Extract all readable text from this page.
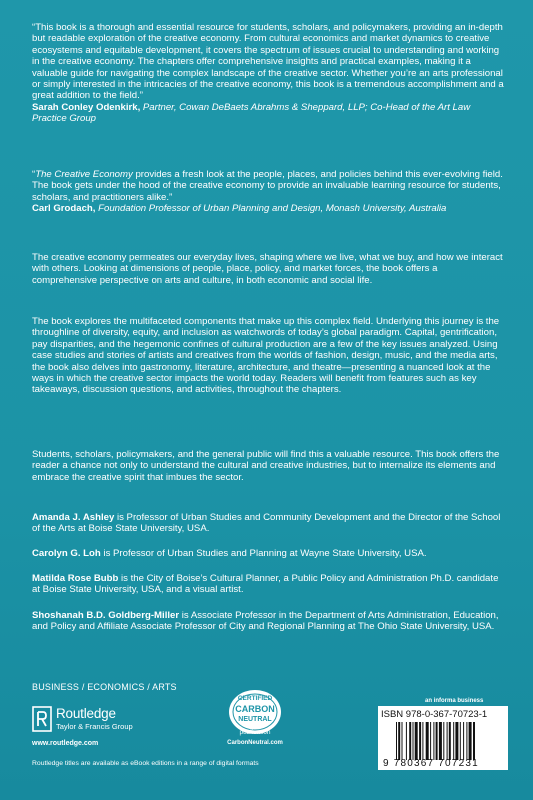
“This book is a thorough and essential resource for students, scholars, and policymakers, providing an in-depth but readable exploration of the creative economy. From cultural economics and market dynamics to creative ecosystems and equitable development, it covers the spectrum of issues crucial to understanding and working in the creative economy. The chapters offer comprehensive insights and practical examples, making it a valuable guide for navigating the complex landscape of the creative sector. Whether you’re an arts professional or simply interested in the intricacies of the creative economy, this book is a tremendous accomplishment and a great addition to the field.”

Sarah Conley Odenkirk, Partner, Cowan DeBaets Abrahms & Sheppard, LLP; Co-Head of the Art Law Practice Group

“The Creative Economy provides a fresh look at the people, places, and policies behind this ever-evolving field. The book gets under the hood of the creative economy to provide an invaluable learning resource for students, scholars, and practitioners alike.”

Carl Grodach, Foundation Professor of Urban Planning and Design, Monash University, Australia

The creative economy permeates our everyday lives, shaping where we live, what we buy, and how we interact with others. Looking at dimensions of people, place, policy, and market forces, the book offers a comprehensive perspective on arts and culture, in both economic and social life.

The book explores the multifaceted components that make up this complex field. Underlying this journey is the throughline of diversity, equity, and inclusion as watchwords of today’s global paradigm. Capital, gentrification, pay disparities, and the hegemonic confines of cultural production are a few of the key issues analyzed. Using case studies and stories of artists and creatives from the worlds of fashion, design, music, and the media arts, the book also delves into gastronomy, literature, architecture, and theatre—presenting a nuanced look at the ways in which the creative sector impacts the world today. Readers will benefit from features such as key takeaways, discussion questions, and activities, throughout the chapters.

Students, scholars, policymakers, and the general public will find this a valuable resource. This book offers the reader a chance not only to understand the cultural and creative industries, but to internalize its elements and embrace the creative spirit that imbues the sector.

Amanda J. Ashley is Professor of Urban Studies and Community Development and the Director of the School of the Arts at Boise State University, USA.

Carolyn G. Loh is Professor of Urban Studies and Planning at Wayne State University, USA.

Matilda Rose Bubb is the City of Boise’s Cultural Planner, a Public Policy and Administration Ph.D. candidate at Boise State University, USA, and a visual artist.

Shoshanah B.D. Goldberg-Miller is Associate Professor in the Department of Arts Administration, Education, and Policy and Affiliate Associate Professor of City and Regional Planning at The Ohio State University, USA.

BUSINESS / ECONOMICS / ARTS
Routledge
Taylor & Francis Group
www.routledge.com
CERTIFIED
CARBON
NEUTRAL
publication
CarbonNeutral.com
an informa business
ISBN 978-0-367-70723-1
9 780367 707231
Routledge titles are available as eBook editions in a range of digital formats
